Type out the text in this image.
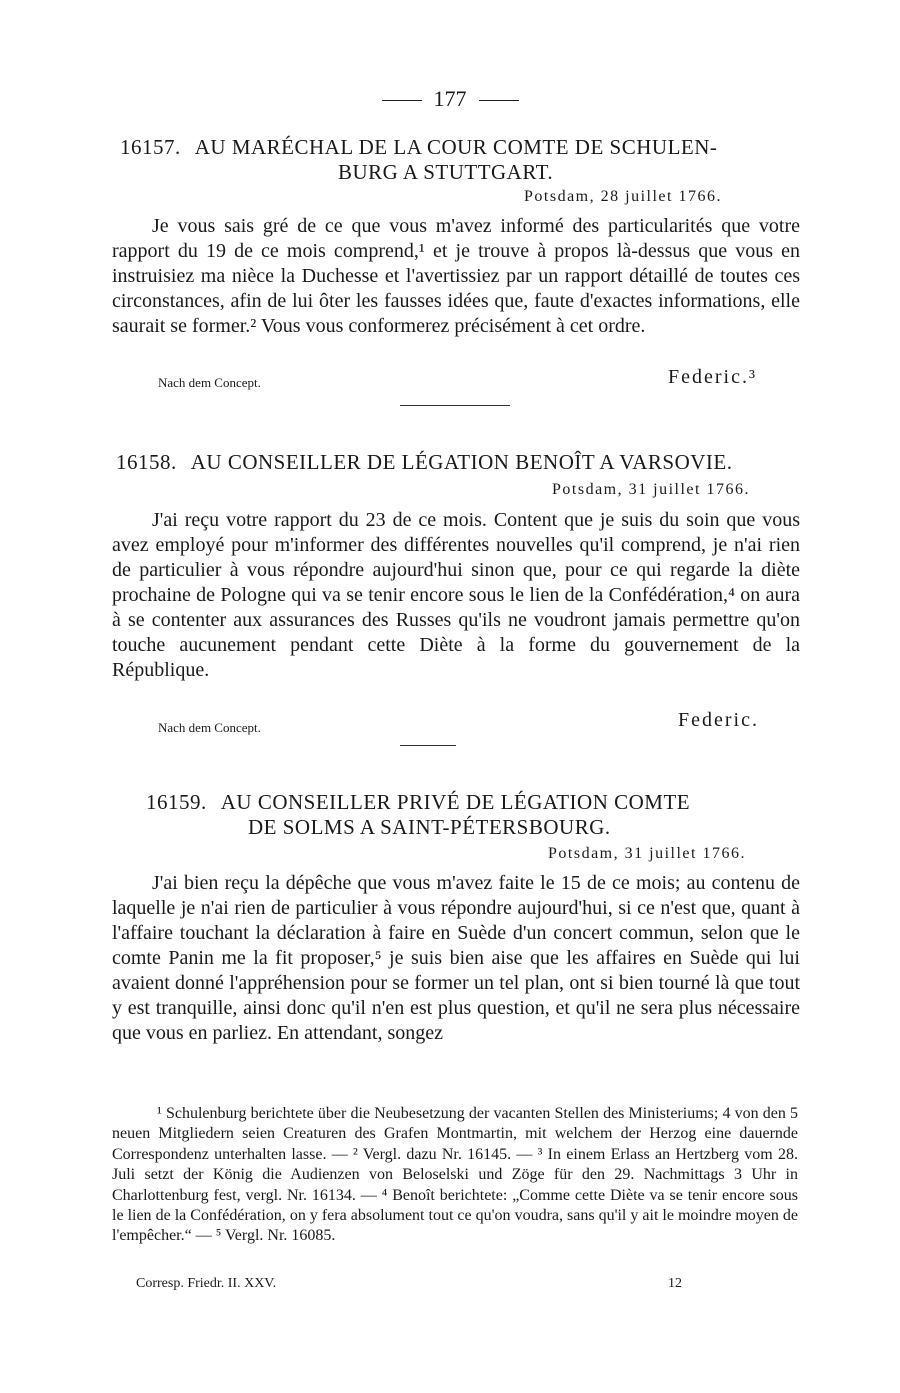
177
16157. AU MARÉCHAL DE LA COUR COMTE DE SCHULEN-
BURG A STUTTGART.
Potsdam, 28 juillet 1766.

Je vous sais gré de ce que vous m'avez informé des particularités que votre rapport du 19 de ce mois comprend,¹ et je trouve à propos là-dessus que vous en instruisiez ma nièce la Duchesse et l'avertissiez par un rapport détaillé de toutes ces circonstances, afin de lui ôter les fausses idées que, faute d'exactes informations, elle saurait se former.² Vous vous conformerez précisément à cet ordre.

Nach dem Concept.	Federic.³
16158. AU CONSEILLER DE LÉGATION BENOÎT A VARSOVIE.
Potsdam, 31 juillet 1766.

J'ai reçu votre rapport du 23 de ce mois. Content que je suis du soin que vous avez employé pour m'informer des différentes nouvelles qu'il comprend, je n'ai rien de particulier à vous répondre aujourd'hui sinon que, pour ce qui regarde la diète prochaine de Pologne qui va se tenir encore sous le lien de la Confédération,⁴ on aura à se contenter aux assurances des Russes qu'ils ne voudront jamais permettre qu'on touche aucunement pendant cette Diète à la forme du gouvernement de la République.

Nach dem Concept.	Federic.
16159. AU CONSEILLER PRIVÉ DE LÉGATION COMTE
DE SOLMS A SAINT-PÉTERSBOURG.
Potsdam, 31 juillet 1766.

J'ai bien reçu la dépêche que vous m'avez faite le 15 de ce mois; au contenu de laquelle je n'ai rien de particulier à vous répondre aujourd'hui, si ce n'est que, quant à l'affaire touchant la déclaration à faire en Suède d'un concert commun, selon que le comte Panin me la fit proposer,⁵ je suis bien aise que les affaires en Suède qui lui avaient donné l'appréhension pour se former un tel plan, ont si bien tourné là que tout y est tranquille, ainsi donc qu'il n'en est plus question, et qu'il ne sera plus nécessaire que vous en parliez. En attendant, songez

¹ Schulenburg berichtete über die Neubesetzung der vacanten Stellen des Ministeriums; 4 von den 5 neuen Mitgliedern seien Creaturen des Grafen Montmartin, mit welchem der Herzog eine dauernde Correspondenz unterhalten lasse. — ² Vergl. dazu Nr. 16145. — ³ In einem Erlass an Hertzberg vom 28. Juli setzt der König die Audienzen von Beloselski und Zöge für den 29. Nachmittags 3 Uhr in Charlottenburg fest, vergl. Nr. 16134. — ⁴ Benoît berichtete: „Comme cette Diète va se tenir encore sous le lien de la Confédération, on y fera absolument tout ce qu'on voudra, sans qu'il y ait le moindre moyen de l'empêcher.“ — ⁵ Vergl. Nr. 16085.

Corresp. Friedr. II. XXV.	12
